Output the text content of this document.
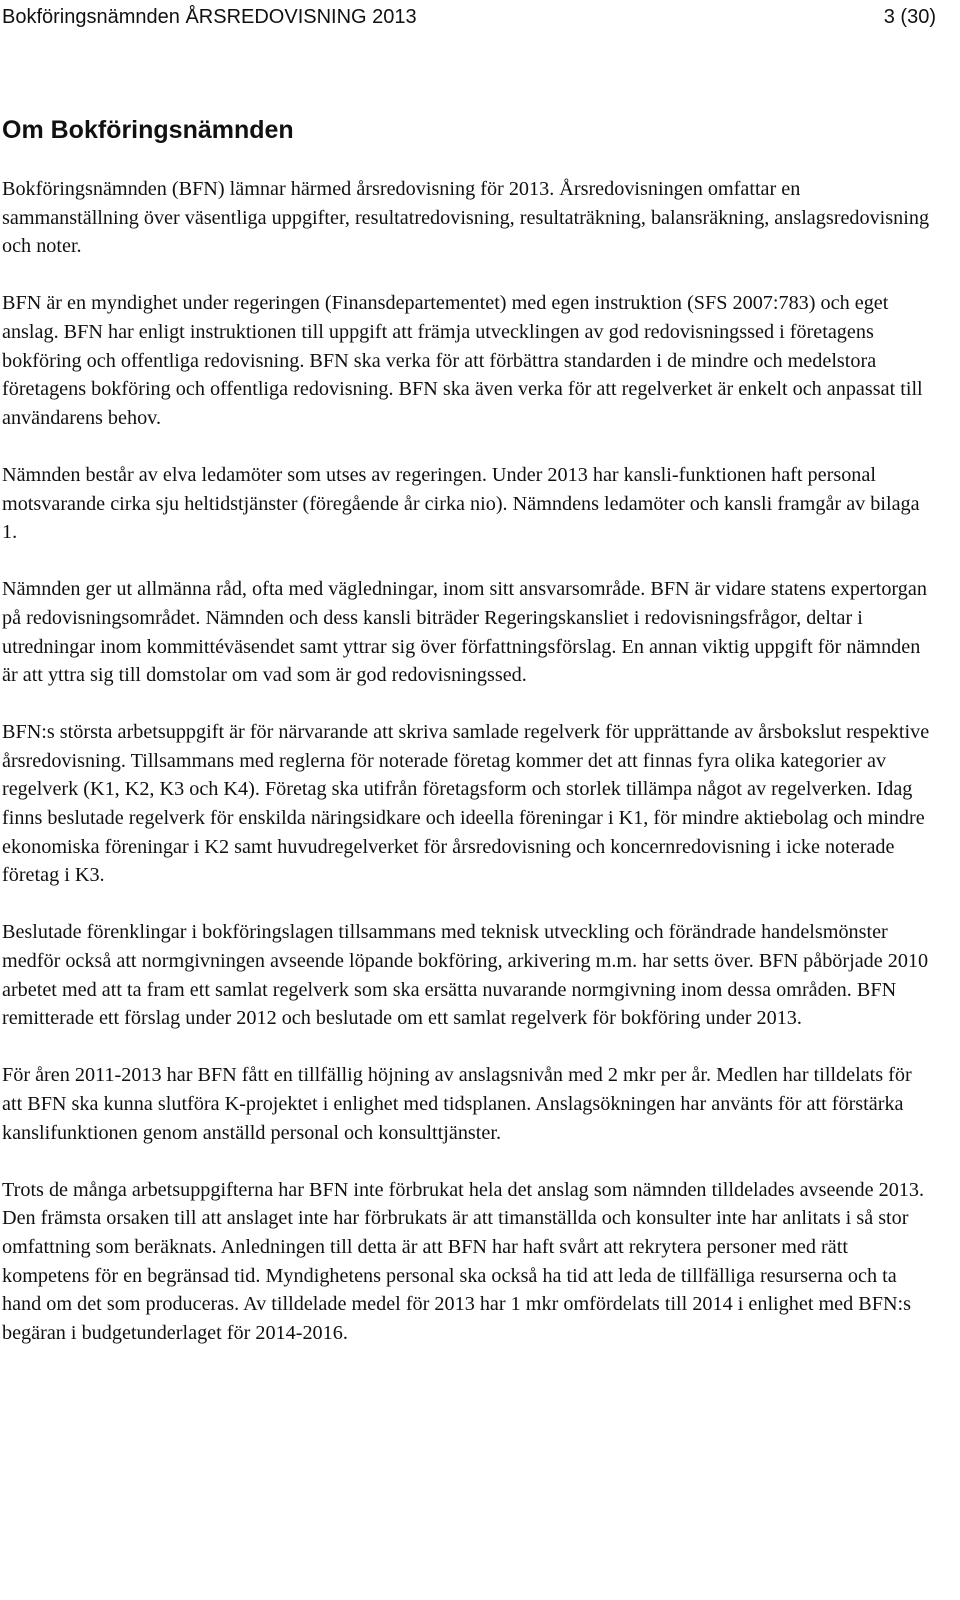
Bokföringsnämnden ÅRSREDOVISNING 2013	3 (30)
Om Bokföringsnämnden

Bokföringsnämnden (BFN) lämnar härmed årsredovisning för 2013. Årsredovisningen omfattar en sammanställning över väsentliga uppgifter, resultatredovisning, resultaträkning, balansräkning, anslagsredovisning och noter.

BFN är en myndighet under regeringen (Finansdepartementet) med egen instruktion (SFS 2007:783) och eget anslag. BFN har enligt instruktionen till uppgift att främja utvecklingen av god redovisningssed i företagens bokföring och offentliga redovisning. BFN ska verka för att förbättra standarden i de mindre och medelstora företagens bokföring och offentliga redovisning. BFN ska även verka för att regelverket är enkelt och anpassat till användarens behov.

Nämnden består av elva ledamöter som utses av regeringen. Under 2013 har kansli-funktionen haft personal motsvarande cirka sju heltidstjänster (föregående år cirka nio). Nämndens ledamöter och kansli framgår av bilaga 1.

Nämnden ger ut allmänna råd, ofta med vägledningar, inom sitt ansvarsområde. BFN är vidare statens expertorgan på redovisningsområdet. Nämnden och dess kansli biträder Regeringskansliet i redovisningsfrågor, deltar i utredningar inom kommittéväsendet samt yttrar sig över författningsförslag. En annan viktig uppgift för nämnden är att yttra sig till domstolar om vad som är god redovisningssed.

BFN:s största arbetsuppgift är för närvarande att skriva samlade regelverk för upprättande av årsbokslut respektive årsredovisning. Tillsammans med reglerna för noterade företag kommer det att finnas fyra olika kategorier av regelverk (K1, K2, K3 och K4). Företag ska utifrån företagsform och storlek tillämpa något av regelverken. Idag finns beslutade regelverk för enskilda näringsidkare och ideella föreningar i K1, för mindre aktiebolag och mindre ekonomiska föreningar i K2 samt huvudregelverket för årsredovisning och koncernredovisning i icke noterade företag i K3.

Beslutade förenklingar i bokföringslagen tillsammans med teknisk utveckling och förändrade handelsmönster medför också att normgivningen avseende löpande bokföring, arkivering m.m. har setts över. BFN påbörjade 2010 arbetet med att ta fram ett samlat regelverk som ska ersätta nuvarande normgivning inom dessa områden. BFN remitterade ett förslag under 2012 och beslutade om ett samlat regelverk för bokföring under 2013.

För åren 2011-2013 har BFN fått en tillfällig höjning av anslagsnivån med 2 mkr per år. Medlen har tilldelats för att BFN ska kunna slutföra K-projektet i enlighet med tidsplanen. Anslagsökningen har använts för att förstärka kanslifunktionen genom anställd personal och konsulttjänster.

Trots de många arbetsuppgifterna har BFN inte förbrukat hela det anslag som nämnden tilldelades avseende 2013. Den främsta orsaken till att anslaget inte har förbrukats är att timanställda och konsulter inte har anlitats i så stor omfattning som beräknats. Anledningen till detta är att BFN har haft svårt att rekrytera personer med rätt kompetens för en begränsad tid. Myndighetens personal ska också ha tid att leda de tillfälliga resurserna och ta hand om det som produceras. Av tilldelade medel för 2013 har 1 mkr omfördelats till 2014 i enlighet med BFN:s begäran i budgetunderlaget för 2014-2016.
